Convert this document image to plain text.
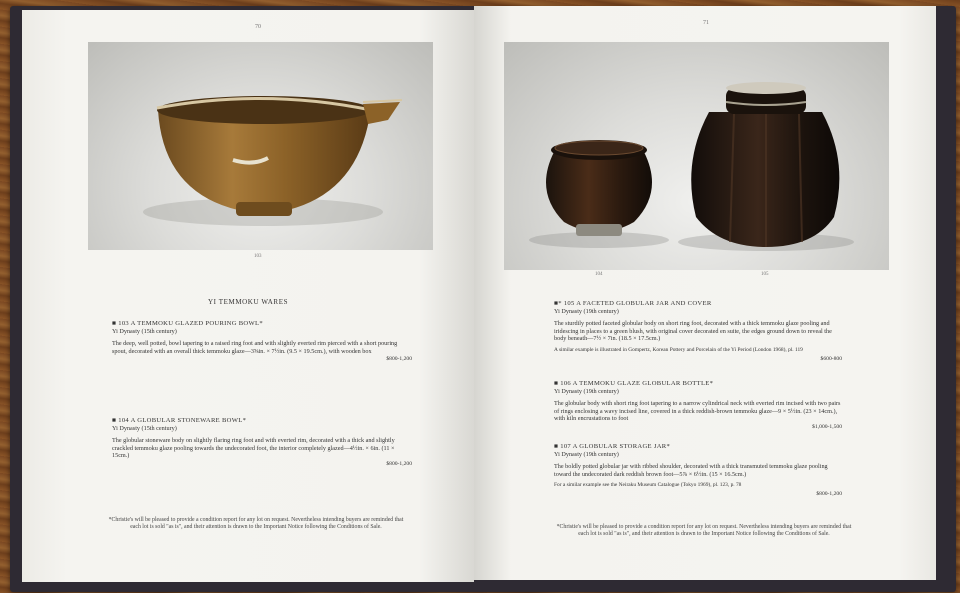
70
103
YI TEMMOKU WARES
■ 103 A TEMMOKU GLAZED POURING BOWL*
Yi Dynasty (15th century)
The deep, well potted, bowl tapering to a raised ring foot and with slightly everted rim pierced with a short pouring spout, decorated with an overall thick temmoku glaze—3⅝in. × 7½in. (9.5 × 19.5cm.), with wooden box
$800-1,200
■ 104 A GLOBULAR STONEWARE BOWL*
Yi Dynasty (15th century)
The globular stoneware body on slightly flaring ring foot and with everted rim, decorated with a thick and slightly crackled temmoku glaze pooling towards the undecorated foot, the interior completely glazed—4½in. × 6in. (11 × 15cm.)
$800-1,200
*Christie's will be pleased to provide a condition report for any lot on request. Nevertheless intending buyers are reminded that each lot is sold "as is", and their attention is drawn to the Important Notice following the Conditions of Sale.
71
104	105
■* 105 A FACETED GLOBULAR JAR AND COVER
Yi Dynasty (19th century)
The sturdily potted faceted globular body on short ring foot, decorated with a thick temmoku glaze pooling and iridescing in places to a green blush, with original cover decorated en suite, the edges ground down to reveal the body beneath—7½ × 7in. (18.5 × 17.5cm.)
A similar example is illustrated in Gompertz, Korean Pottery and Porcelain of the Yi Period (London 1968), pl. 119
$600-800
■ 106 A TEMMOKU GLAZE GLOBULAR BOTTLE*
Yi Dynasty (19th century)
The globular body with short ring foot tapering to a narrow cylindrical neck with everted rim incised with two pairs of rings enclosing a wavy incised line, covered in a thick reddish-brown temmoku glaze—9 × 5½in. (23 × 14cm.), with kiln encrustations to foot
$1,000-1,500
■ 107 A GLOBULAR STORAGE JAR*
Yi Dynasty (19th century)
The boldly potted globular jar with ribbed shoulder, decorated with a thick transmuted temmoku glaze pooling toward the undecorated dark reddish brown foot—5⅞ × 6½in. (15 × 16.5cm.)
For a similar example see the Neiraku Museum Catalogue (Tokyo 1969), pl. 123, p. 78
$800-1,200
*Christie's will be pleased to provide a condition report for any lot on request. Nevertheless intending buyers are reminded that each lot is sold "as is", and their attention is drawn to the Important Notice following the Conditions of Sale.
